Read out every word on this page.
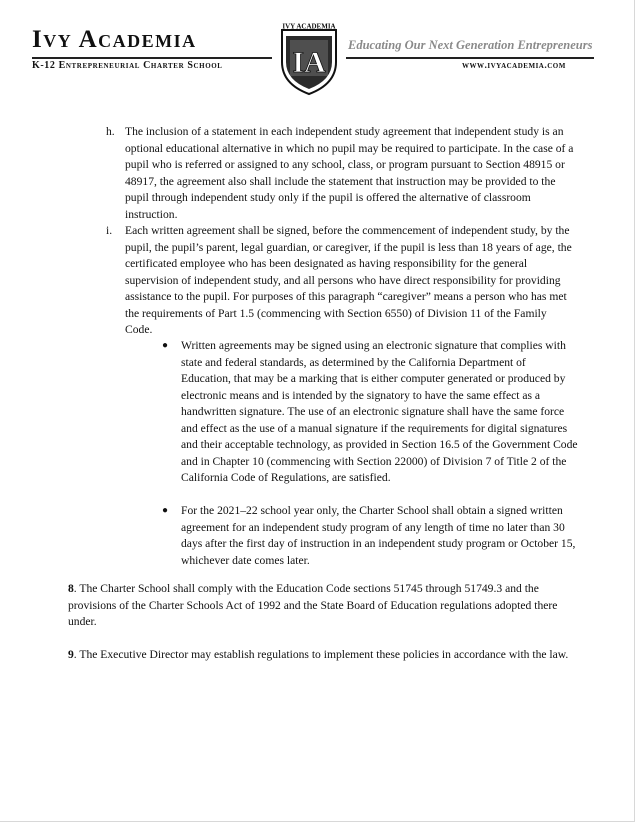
Ivy Academia
K-12 Entrepreneurial Charter School
IVY ACADEMIA
IA
Educating Our Next Generation Entrepreneurs
www.ivyacademia.com
h. The inclusion of a statement in each independent study agreement that independent study is an optional educational alternative in which no pupil may be required to participate. In the case of a pupil who is referred or assigned to any school, class, or program pursuant to Section 48915 or 48917, the agreement also shall include the statement that instruction may be provided to the pupil through independent study only if the pupil is offered the alternative of classroom instruction.
i. Each written agreement shall be signed, before the commencement of independent study, by the pupil, the pupil’s parent, legal guardian, or caregiver, if the pupil is less than 18 years of age, the certificated employee who has been designated as having responsibility for the general supervision of independent study, and all persons who have direct responsibility for providing assistance to the pupil. For purposes of this paragraph “caregiver” means a person who has met the requirements of Part 1.5 (commencing with Section 6550) of Division 11 of the Family Code.
● Written agreements may be signed using an electronic signature that complies with state and federal standards, as determined by the California Department of Education, that may be a marking that is either computer generated or produced by electronic means and is intended by the signatory to have the same effect as a handwritten signature. The use of an electronic signature shall have the same force and effect as the use of a manual signature if the requirements for digital signatures and their acceptable technology, as provided in Section 16.5 of the Government Code and in Chapter 10 (commencing with Section 22000) of Division 7 of Title 2 of the California Code of Regulations, are satisfied.
● For the 2021–22 school year only, the Charter School shall obtain a signed written agreement for an independent study program of any length of time no later than 30 days after the first day of instruction in an independent study program or October 15, whichever date comes later.
8. The Charter School shall comply with the Education Code sections 51745 through 51749.3 and the provisions of the Charter Schools Act of 1992 and the State Board of Education regulations adopted there under.
9. The Executive Director may establish regulations to implement these policies in accordance with the law.
